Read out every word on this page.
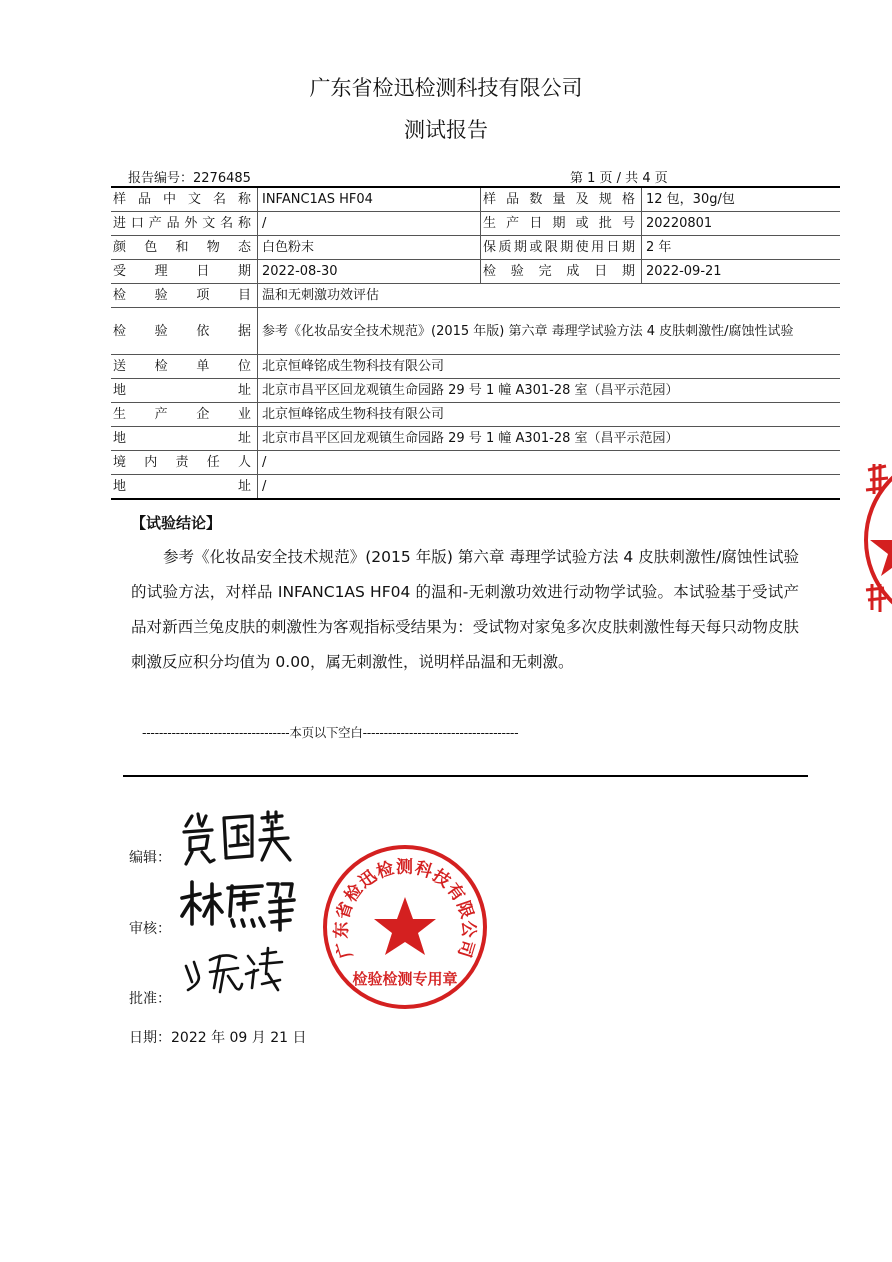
广东省检迅检测科技有限公司
测试报告
报告编号：2276485	第 1 页 / 共 4 页
样品中文名称	INFANC1AS HF04	样品数量及规格	12 包，30g/包
进口产品外文名称	/	生产日期或批号	20220801
颜色和物态	白色粉末	保质期或限期使用日期	2 年
受理日期	2022-08-30	检验完成日期	2022-09-21
检验项目	温和无刺激功效评估		
检验依据	参考《化妆品安全技术规范》(2015 年版) 第六章 毒理学试验方法 4 皮肤刺激性/腐蚀性试验		
送检单位	北京恒峰铭成生物科技有限公司		
地址	北京市昌平区回龙观镇生命园路 29 号 1 幢 A301-28 室（昌平示范园）		
生产企业	北京恒峰铭成生物科技有限公司		
地址	北京市昌平区回龙观镇生命园路 29 号 1 幢 A301-28 室（昌平示范园）		
境内责任人	/		
地址	/		
【试验结论】
参考《化妆品安全技术规范》(2015 年版) 第六章 毒理学试验方法 4 皮肤刺激性/腐蚀性试验的试验方法，对样品 INFANC1AS HF04 的温和-无刺激功效进行动物学试验。本试验基于受试产品对新西兰兔皮肤的刺激性为客观指标受结果为：受试物对家兔多次皮肤刺激性每天每只动物皮肤刺激反应积分均值为 0.00，属无刺激性，说明样品温和无刺激。
-----------------------------------本页以下空白-------------------------------------
编辑：
审核：
批准：
日期：2022 年 09 月 21 日
广东省检迅检测科技有限公司
检验检测专用章
